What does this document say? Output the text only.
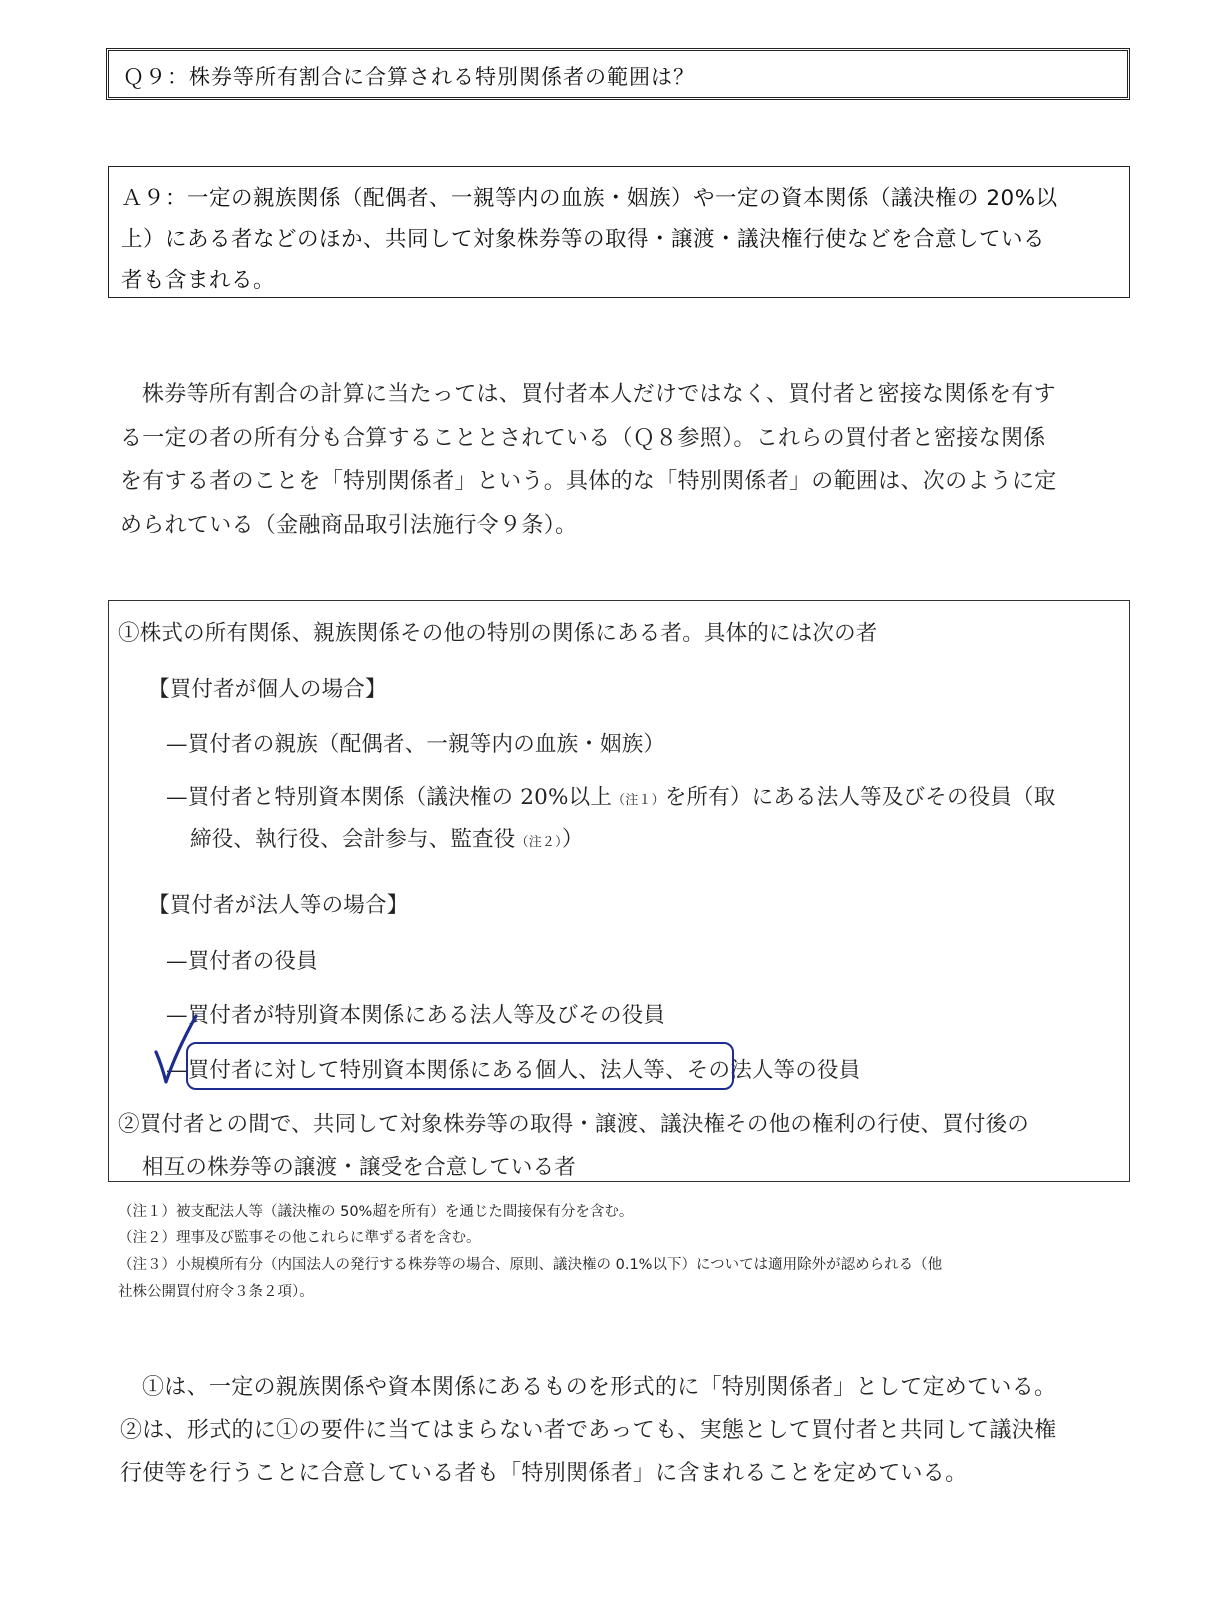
Ｑ９：株券等所有割合に合算される特別関係者の範囲は？
Ａ９：一定の親族関係（配偶者、一親等内の血族・姻族）や一定の資本関係（議決権の 20%以
上）にある者などのほか、共同して対象株券等の取得・譲渡・議決権行使などを合意している
者も含まれる。
株券等所有割合の計算に当たっては、買付者本人だけではなく、買付者と密接な関係を有す
る一定の者の所有分も合算することとされている（Ｑ８参照）。これらの買付者と密接な関係
を有する者のことを「特別関係者」という。具体的な「特別関係者」の範囲は、次のように定
められている（金融商品取引法施行令９条）。
①株式の所有関係、親族関係その他の特別の関係にある者。具体的には次の者
【買付者が個人の場合】
—買付者の親族（配偶者、一親等内の血族・姻族）
—買付者と特別資本関係（議決権の 20%以上（注１）を所有）にある法人等及びその役員（取
締役、執行役、会計参与、監査役（注２））
【買付者が法人等の場合】
—買付者の役員
—買付者が特別資本関係にある法人等及びその役員
—買付者に対して特別資本関係にある個人、法人等、その法人等の役員
②買付者との間で、共同して対象株券等の取得・譲渡、議決権その他の権利の行使、買付後の
相互の株券等の譲渡・譲受を合意している者
（注１）被支配法人等（議決権の 50%超を所有）を通じた間接保有分を含む。
（注２）理事及び監事その他これらに準ずる者を含む。
（注３）小規模所有分（内国法人の発行する株券等の場合、原則、議決権の 0.1%以下）については適用除外が認められる（他
社株公開買付府令３条２項）。
①は、一定の親族関係や資本関係にあるものを形式的に「特別関係者」として定めている。
②は、形式的に①の要件に当てはまらない者であっても、実態として買付者と共同して議決権
行使等を行うことに合意している者も「特別関係者」に含まれることを定めている。
